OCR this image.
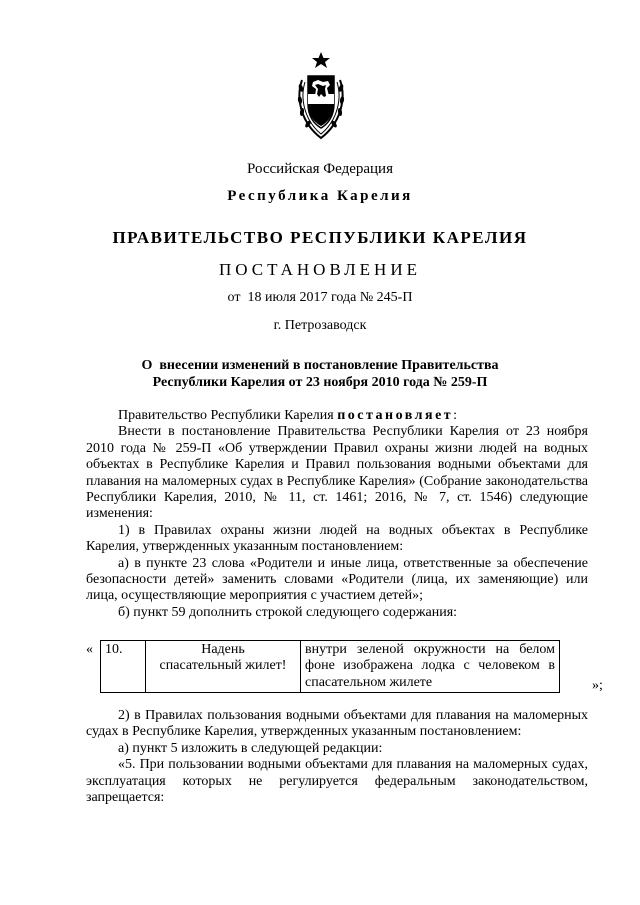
Российская Федерация
Республика Карелия
ПРАВИТЕЛЬСТВО РЕСПУБЛИКИ КАРЕЛИЯ
ПОСТАНОВЛЕНИЕ
от  18 июля 2017 года № 245-П
г. Петрозаводск
О  внесении изменений в постановление Правительства
Республики Карелия от 23 ноября 2010 года № 259-П

Правительство Республики Карелия постановляет:

Внести в постановление Правительства Республики Карелия от 23 ноября 2010 года № 259-П «Об утверждении Правил охраны жизни людей на водных объектах в Республике Карелия и Правил пользования водными объектами для плавания на маломерных судах в Республике Карелия» (Собрание законодательства Республики Карелия, 2010, № 11, ст. 1461; 2016, № 7, ст. 1546) следующие изменения:

1) в Правилах охраны жизни людей на водных объектах в Республике Карелия, утвержденных указанным постановлением:

а) в пункте 23 слова «Родители и иные лица, ответственные за обеспечение безопасности детей» заменить словами «Родители (лица, их заменяющие) или лица, осуществляющие мероприятия с участием детей»;

б) пункт 59 дополнить строкой следующего содержания:

« 10.	Надень
спасательный жилет!
	внутри зеленой окружности на белом фоне изображена лодка с человеком в спасательном жилете	»;

2) в Правилах пользования водными объектами для плавания на маломерных судах в Республике Карелия, утвержденных указанным постановлением:

а) пункт 5 изложить в следующей редакции:

«5. При пользовании водными объектами для плавания на маломерных судах, эксплуатация которых не регулируется федеральным законодательством, запрещается:
